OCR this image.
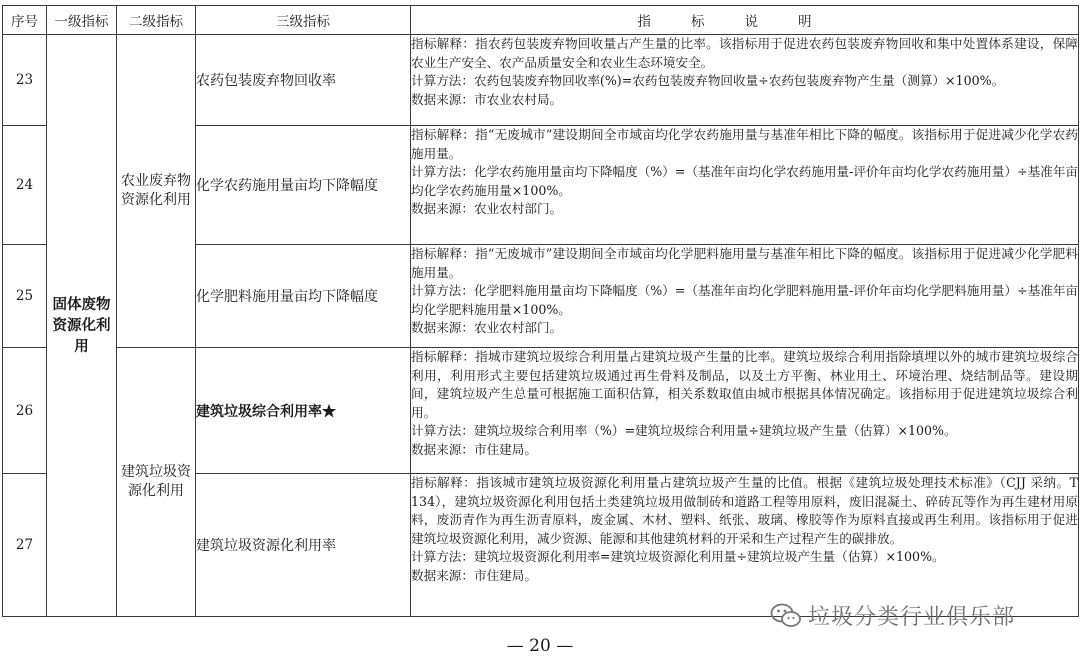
序号	一级指标	二级指标	三级指标	指标说明
23	固体废物资源化利用	农业废弃物资源化利用	农药包装废弃物回收率	指标解释：指农药包装废弃物回收量占产生量的比率。该指标用于促进农药包装废弃物回收和集中处置体系建设，保障农业生产安全、农产品质量安全和农业生态环境安全。

计算方法：农药包装废弃物回收率(%)=农药包装废弃物回收量÷农药包装废弃物产生量（测算）×100%。

数据来源：市农业农村局。

24			化学农药施用量亩均下降幅度	指标解释：指“无废城市”建设期间全市域亩均化学农药施用量与基准年相比下降的幅度。该指标用于促进减少化学农药施用量。

计算方法：化学农药施用量亩均下降幅度（%）=（基准年亩均化学农药施用量-评价年亩均化学农药施用量）÷基准年亩均化学农药施用量×100%。

数据来源：农业农村部门。

25			化学肥料施用量亩均下降幅度	指标解释：指“无废城市”建设期间全市域亩均化学肥料施用量与基准年相比下降的幅度。该指标用于促进减少化学肥料施用量。

计算方法：化学肥料施用量亩均下降幅度（%）=（基准年亩均化学肥料施用量-评价年亩均化学肥料施用量）÷基准年亩均化学肥料施用量×100%。

数据来源：农业农村部门。

26		建筑垃圾资源化利用	建筑垃圾综合利用率★	指标解释：指城市建筑垃圾综合利用量占建筑垃圾产生量的比率。建筑垃圾综合利用指除填埋以外的城市建筑垃圾综合利用，利用形式主要包括建筑垃圾通过再生骨料及制品，以及土方平衡、林业用土、环境治理、烧结制品等。建设期间，建筑垃圾产生总量可根据施工面积估算，相关系数取值由城市根据具体情况确定。该指标用于促进建筑垃圾综合利用。

计算方法：建筑垃圾综合利用率（%）=建筑垃圾综合利用量÷建筑垃圾产生量（估算）×100%。

数据来源：市住建局。

27			建筑垃圾资源化利用率	指标解释：指该城市建筑垃圾资源化利用量占建筑垃圾产生量的比值。根据《建筑垃圾处理技术标准》（CJJ 采纳。T 134），建筑垃圾资源化利用包括土类建筑垃圾用做制砖和道路工程等用原料，废旧混凝土、碎砖瓦等作为再生建材用原料，废沥青作为再生沥青原料，废金属、木材、塑料、纸张、玻璃、橡胶等作为原料直接或再生利用。该指标用于促进建筑垃圾资源化利用，减少资源、能源和其他建筑材料的开采和生产过程产生的碳排放。

计算方法：建筑垃圾资源化利用率=建筑垃圾资源化利用量÷建筑垃圾产生量（估算）×100%。

数据来源：市住建局。

垃圾分类行业俱乐部
— 20 —
